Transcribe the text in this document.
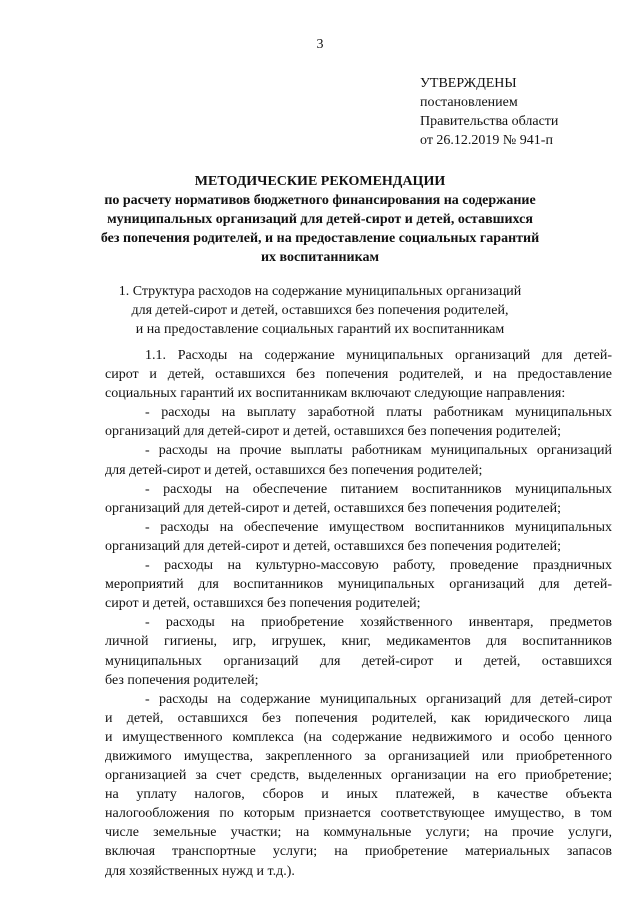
3
УТВЕРЖДЕНЫ
постановлением
Правительства области
от 26.12.2019 № 941-п
МЕТОДИЧЕСКИЕ РЕКОМЕНДАЦИИ
по расчету нормативов бюджетного финансирования на содержание
муниципальных организаций для детей-сирот и детей, оставшихся
без попечения родителей, и на предоставление социальных гарантий
их воспитанникам
1. Структура расходов на содержание муниципальных организаций
для детей-сирот и детей, оставшихся без попечения родителей,
и на предоставление социальных гарантий их воспитанникам
1.1. Расходы на содержание муниципальных организаций для детей-
сирот и детей, оставшихся без попечения родителей, и на предоставление
социальных гарантий их воспитанникам включают следующие направления:
- расходы на выплату заработной платы работникам муниципальных
организаций для детей-сирот и детей, оставшихся без попечения родителей;
- расходы на прочие выплаты работникам муниципальных организаций
для детей-сирот и детей, оставшихся без попечения родителей;
- расходы на обеспечение питанием воспитанников муниципальных
организаций для детей-сирот и детей, оставшихся без попечения родителей;
- расходы на обеспечение имуществом воспитанников муниципальных
организаций для детей-сирот и детей, оставшихся без попечения родителей;
- расходы на культурно-массовую работу, проведение праздничных
мероприятий для воспитанников муниципальных организаций для детей-
сирот и детей, оставшихся без попечения родителей;
- расходы на приобретение хозяйственного инвентаря, предметов
личной гигиены, игр, игрушек, книг, медикаментов для воспитанников
муниципальных организаций для детей-сирот и детей, оставшихся
без попечения родителей;
- расходы на содержание муниципальных организаций для детей-сирот
и детей, оставшихся без попечения родителей, как юридического лица
и имущественного комплекса (на содержание недвижимого и особо ценного
движимого имущества, закрепленного за организацией или приобретенного
организацией за счет средств, выделенных организации на его приобретение;
на уплату налогов, сборов и иных платежей, в качестве объекта
налогообложения по которым признается соответствующее имущество, в том
числе земельные участки; на коммунальные услуги; на прочие услуги,
включая транспортные услуги; на приобретение материальных запасов
для хозяйственных нужд и т.д.).
